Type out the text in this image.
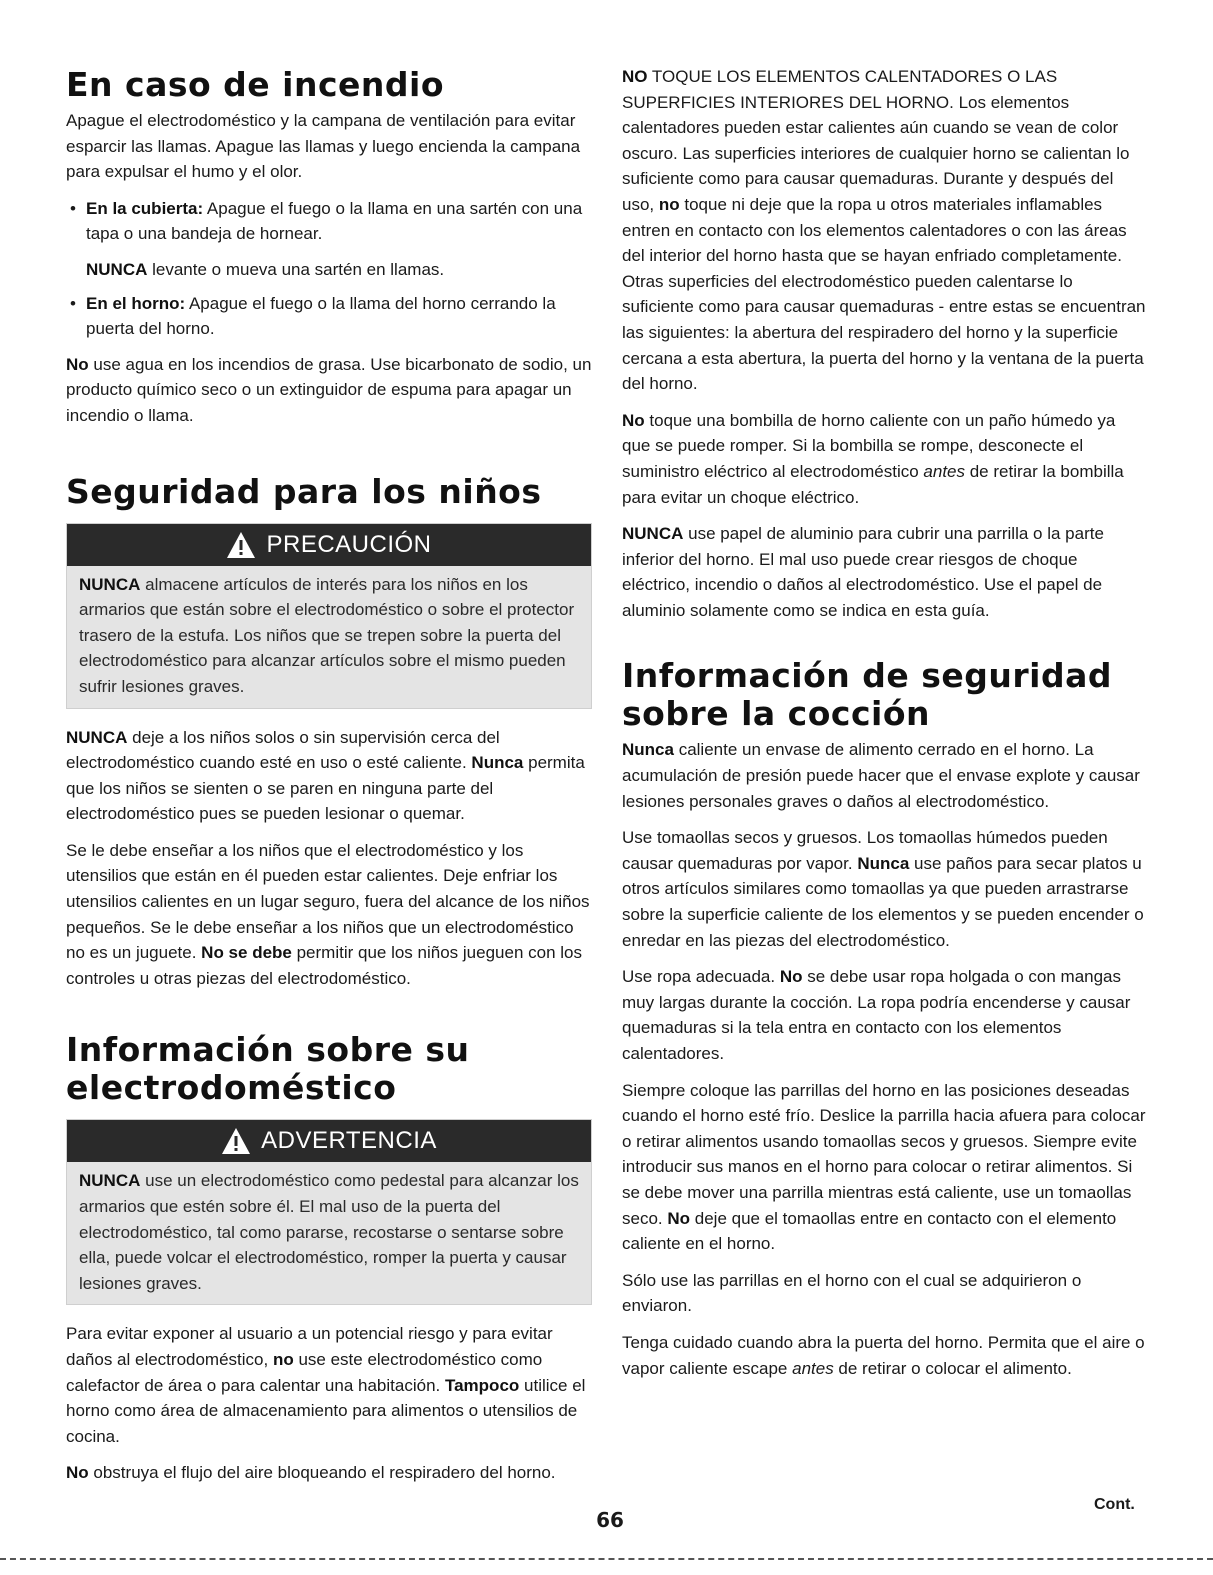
En caso de incendio

Apague el electrodoméstico y la campana de ventilación para evitar esparcir las llamas. Apague las llamas y luego encienda la campana para expulsar el humo y el olor.

• En la cubierta: Apague el fuego o la llama en una sartén con una tapa o una bandeja de hornear.

NUNCA levante o mueva una sartén en llamas.

• En el horno: Apague el fuego o la llama del horno cerrando la puerta del horno.

No use agua en los incendios de grasa. Use bicarbonato de sodio, un producto químico seco o un extinguidor de espuma para apagar un incendio o llama.

Seguridad para los niños
PRECAUCIÓN
NUNCA almacene artículos de interés para los niños en los armarios que están sobre el electrodoméstico o sobre el protector trasero de la estufa. Los niños que se trepen sobre la puerta del electrodoméstico para alcanzar artículos sobre el mismo pueden sufrir lesiones graves.

NUNCA deje a los niños solos o sin supervisión cerca del electrodoméstico cuando esté en uso o esté caliente. Nunca permita que los niños se sienten o se paren en ninguna parte del electrodoméstico pues se pueden lesionar o quemar.

Se le debe enseñar a los niños que el electrodoméstico y los utensilios que están en él pueden estar calientes. Deje enfriar los utensilios calientes en un lugar seguro, fuera del alcance de los niños pequeños. Se le debe enseñar a los niños que un electrodoméstico no es un juguete. No se debe permitir que los niños jueguen con los controles u otras piezas del electrodoméstico.

Información sobre su
electrodoméstico
ADVERTENCIA
NUNCA use un electrodoméstico como pedestal para alcanzar los armarios que estén sobre él. El mal uso de la puerta del electrodoméstico, tal como pararse, recostarse o sentarse sobre ella, puede volcar el electrodoméstico, romper la puerta y causar lesiones graves.

Para evitar exponer al usuario a un potencial riesgo y para evitar daños al electrodoméstico, no use este electrodoméstico como calefactor de área o para calentar una habitación. Tampoco utilice el horno como área de almacenamiento para alimentos o utensilios de cocina.

No obstruya el flujo del aire bloqueando el respiradero del horno.

NO TOQUE LOS ELEMENTOS CALENTADORES O LAS SUPERFICIES INTERIORES DEL HORNO. Los elementos calentadores pueden estar calientes aún cuando se vean de color oscuro. Las superficies interiores de cualquier horno se calientan lo suficiente como para causar quemaduras. Durante y después del uso, no toque ni deje que la ropa u otros materiales inflamables entren en contacto con los elementos calentadores o con las áreas del interior del horno hasta que se hayan enfriado completamente. Otras superficies del electrodoméstico pueden calentarse lo suficiente como para causar quemaduras - entre estas se encuentran las siguientes: la abertura del respiradero del horno y la superficie cercana a esta abertura, la puerta del horno y la ventana de la puerta del horno.

No toque una bombilla de horno caliente con un paño húmedo ya que se puede romper. Si la bombilla se rompe, desconecte el suministro eléctrico al electrodoméstico antes de retirar la bombilla para evitar un choque eléctrico.

NUNCA use papel de aluminio para cubrir una parrilla o la parte inferior del horno. El mal uso puede crear riesgos de choque eléctrico, incendio o daños al electrodoméstico. Use el papel de aluminio solamente como se indica en esta guía.

Información de seguridad
sobre la cocción

Nunca caliente un envase de alimento cerrado en el horno. La acumulación de presión puede hacer que el envase explote y causar lesiones personales graves o daños al electrodoméstico.

Use tomaollas secos y gruesos. Los tomaollas húmedos pueden causar quemaduras por vapor. Nunca use paños para secar platos u otros artículos similares como tomaollas ya que pueden arrastrarse sobre la superficie caliente de los elementos y se pueden encender o enredar en las piezas del electrodoméstico.

Use ropa adecuada. No se debe usar ropa holgada o con mangas muy largas durante la cocción. La ropa podría encenderse y causar quemaduras si la tela entra en contacto con los elementos calentadores.

Siempre coloque las parrillas del horno en las posiciones deseadas cuando el horno esté frío. Deslice la parrilla hacia afuera para colocar o retirar alimentos usando tomaollas secos y gruesos. Siempre evite introducir sus manos en el horno para colocar o retirar alimentos. Si se debe mover una parrilla mientras está caliente, use un tomaollas seco. No deje que el tomaollas entre en contacto con el elemento caliente en el horno.

Sólo use las parrillas en el horno con el cual se adquirieron o enviaron.

Tenga cuidado cuando abra la puerta del horno. Permita que el aire o vapor caliente escape antes de retirar o colocar el alimento.

66
Cont.
